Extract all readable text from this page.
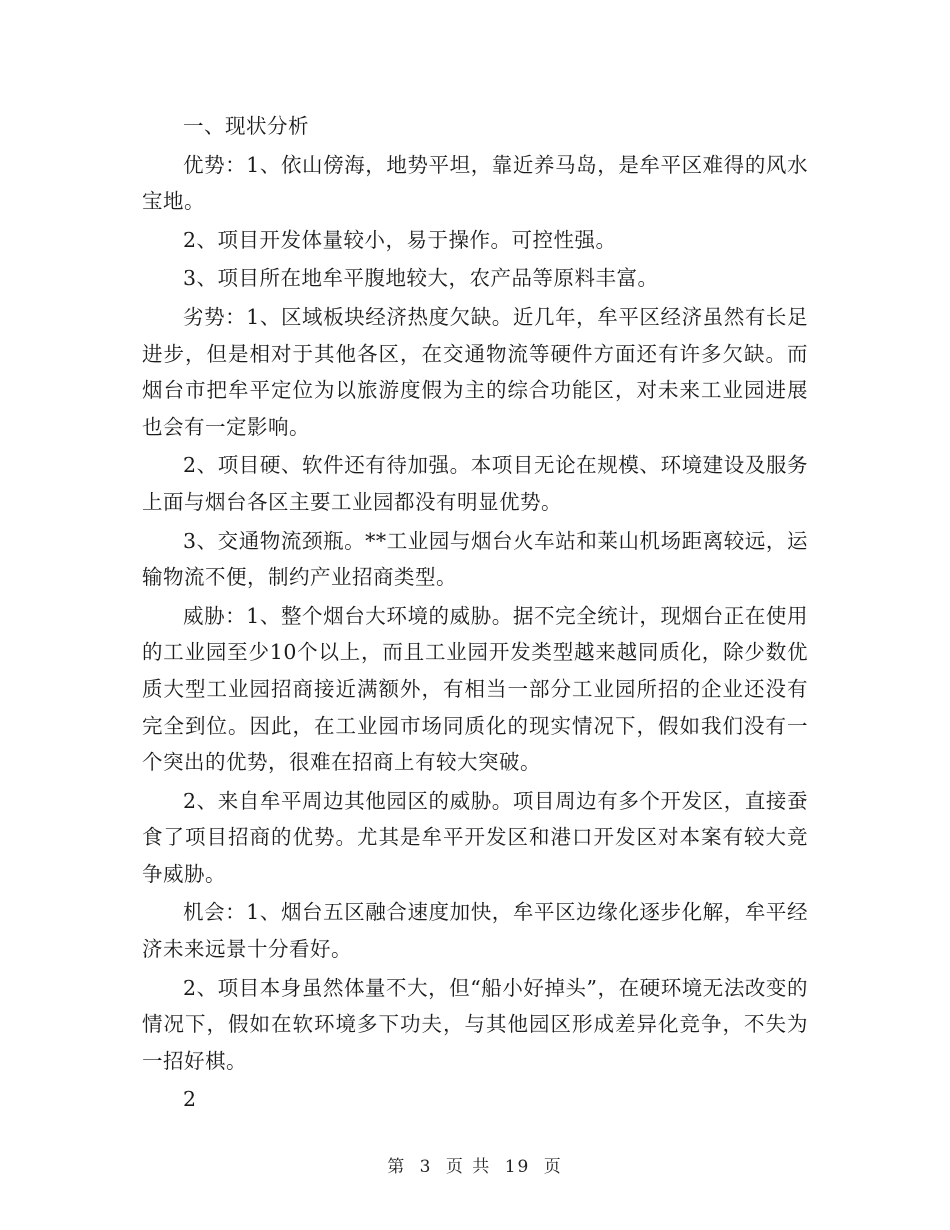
一、现状分析

优势：1、依山傍海，地势平坦，靠近养马岛，是牟平区难得的风水宝地。

2、项目开发体量较小，易于操作。可控性强。

3、项目所在地牟平腹地较大，农产品等原料丰富。

劣势：1、区域板块经济热度欠缺。近几年，牟平区经济虽然有长足进步，但是相对于其他各区，在交通物流等硬件方面还有许多欠缺。而烟台市把牟平定位为以旅游度假为主的综合功能区，对未来工业园进展也会有一定影响。

2、项目硬、软件还有待加强。本项目无论在规模、环境建设及服务上面与烟台各区主要工业园都没有明显优势。

3、交通物流颈瓶。**工业园与烟台火车站和莱山机场距离较远，运输物流不便，制约产业招商类型。

威胁：1、整个烟台大环境的威胁。据不完全统计，现烟台正在使用的工业园至少10个以上，而且工业园开发类型越来越同质化，除少数优质大型工业园招商接近满额外，有相当一部分工业园所招的企业还没有完全到位。因此，在工业园市场同质化的现实情况下，假如我们没有一个突出的优势，很难在招商上有较大突破。

2、来自牟平周边其他园区的威胁。项目周边有多个开发区，直接蚕食了项目招商的优势。尤其是牟平开发区和港口开发区对本案有较大竞争威胁。

机会：1、烟台五区融合速度加快，牟平区边缘化逐步化解，牟平经济未来远景十分看好。

2、项目本身虽然体量不大，但“船小好掉头”，在硬环境无法改变的情况下，假如在软环境多下功夫，与其他园区形成差异化竞争，不失为一招好棋。

2

第 3 页 共 19 页
